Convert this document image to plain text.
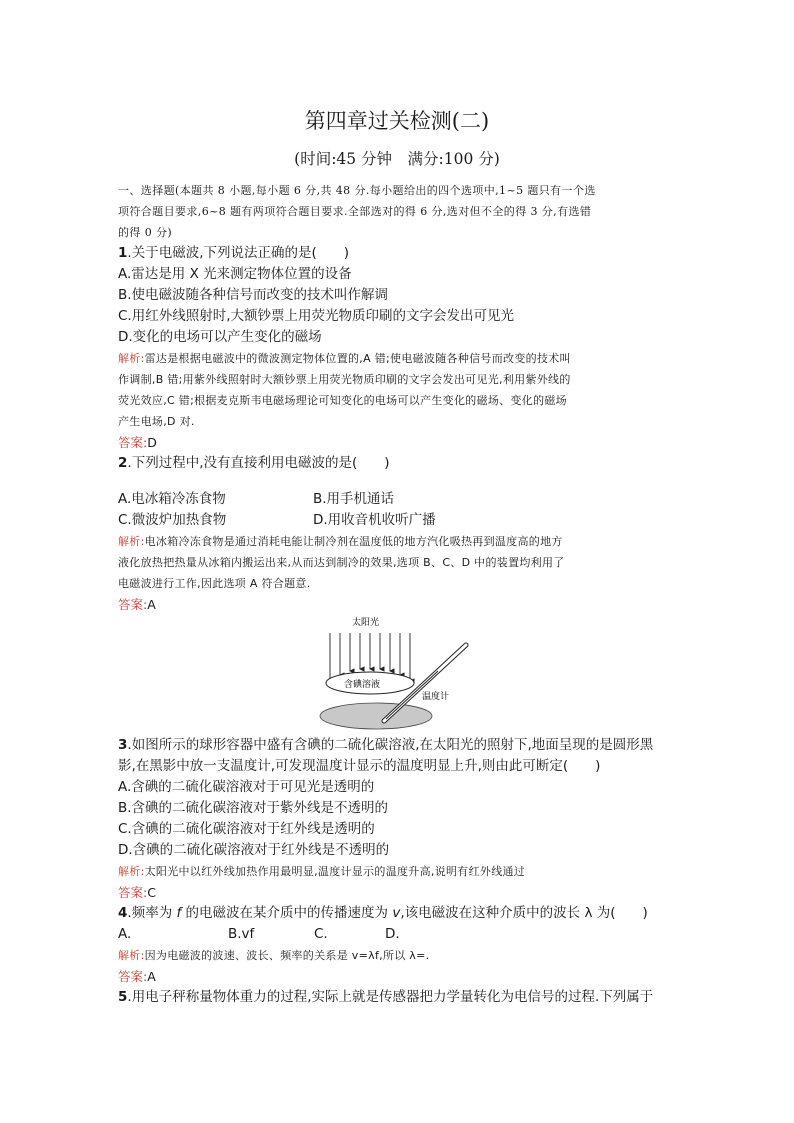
第四章过关检测(二)
(时间:45 分钟　满分:100 分)
一、选择题(本题共 8 小题,每小题 6 分,共 48 分.每小题给出的四个选项中,1~5 题只有一个选
项符合题目要求,6~8 题有两项符合题目要求.全部选对的得 6 分,选对但不全的得 3 分,有选错
的得 0 分)
1.关于电磁波,下列说法正确的是(　　)
A.雷达是用 X 光来测定物体位置的设备
B.使电磁波随各种信号而改变的技术叫作解调
C.用红外线照射时,大额钞票上用荧光物质印刷的文字会发出可见光
D.变化的电场可以产生变化的磁场
解析:雷达是根据电磁波中的微波测定物体位置的,A 错;使电磁波随各种信号而改变的技术叫
作调制,B 错;用紫外线照射时大额钞票上用荧光物质印刷的文字会发出可见光,利用紫外线的
荧光效应,C 错;根据麦克斯韦电磁场理论可知变化的电场可以产生变化的磁场、变化的磁场
产生电场,D 对.
答案:D
2.下列过程中,没有直接利用电磁波的是(　　)
A.电冰箱冷冻食物	B.用手机通话
C.微波炉加热食物	D.用收音机收听广播
解析:电冰箱冷冻食物是通过消耗电能让制冷剂在温度低的地方汽化吸热再到温度高的地方
液化放热把热量从冰箱内搬运出来,从而达到制冷的效果,选项 B、C、D 中的装置均利用了
电磁波进行工作,因此选项 A 符合题意.
答案:A
太阳光
含碘溶液
温度计
3.如图所示的球形容器中盛有含碘的二硫化碳溶液,在太阳光的照射下,地面呈现的是圆形黑
影,在黑影中放一支温度计,可发现温度计显示的温度明显上升,则由此可断定(　　)
A.含碘的二硫化碳溶液对于可见光是透明的
B.含碘的二硫化碳溶液对于紫外线是不透明的
C.含碘的二硫化碳溶液对于红外线是透明的
D.含碘的二硫化碳溶液对于红外线是不透明的
解析:太阳光中以红外线加热作用最明显,温度计显示的温度升高,说明有红外线通过
答案:C
4.频率为 f 的电磁波在某介质中的传播速度为 v,该电磁波在这种介质中的波长 λ 为(　　)
A.	B.vf	C.	D.
解析:因为电磁波的波速、波长、频率的关系是 v=λf,所以 λ=.
答案:A
5.用电子秤称量物体重力的过程,实际上就是传感器把力学量转化为电信号的过程.下列属于
